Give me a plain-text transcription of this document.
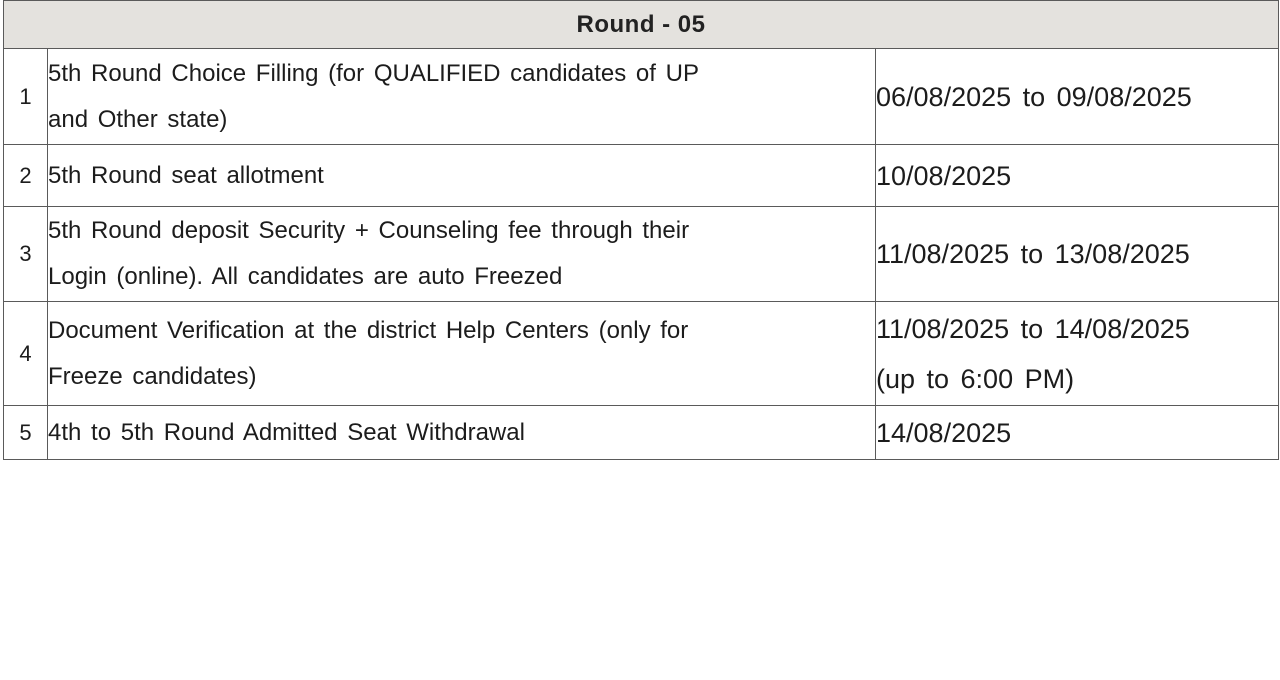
Round - 05		
1	5th Round Choice Filling (for QUALIFIED candidates of UP
and Other state)	06/08/2025 to 09/08/2025

2	5th Round seat allotment	10/08/2025

3	5th Round deposit Security + Counseling fee through their
Login (online). All candidates are auto Freezed	11/08/2025 to 13/08/2025

4	Document Verification at the district Help Centers (only for
Freeze candidates)	11/08/2025 to 14/08/2025
(up to 6:00 PM)

5	4th to 5th Round Admitted Seat Withdrawal	14/08/2025
